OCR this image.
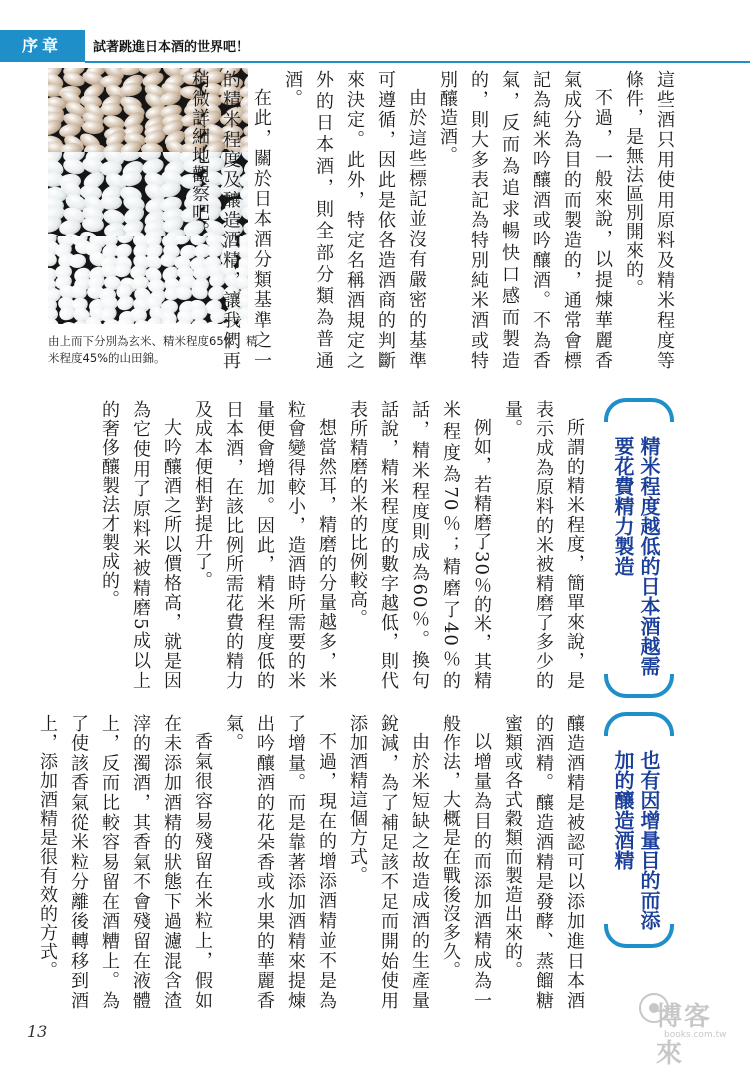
序章	試著跳進日本酒的世界吧！
由上而下分別為玄米、精米程度65%、精米程度45%的山田錦。	這些酒只用使用原料及精米程度等條件，是無法區別開來的。

不過，一般來說，以提煉華麗香氣成分為目的而製造的，通常會標記為純米吟釀酒或吟釀酒。不為香氣，反而為追求暢快口感而製造的，則大多表記為特別純米酒或特別釀造酒。

由於這些標記並沒有嚴密的基準可遵循，因此是依各造酒商的判斷來決定。此外，特定名稱酒規定之外的日本酒，則全部分類為普通酒。

在此，關於日本酒分類基準之一的精米程度及釀造酒精，讓我們再稍微詳細地觀察吧。

精米程度越低的日本酒越需要花費精力製造

所謂的精米程度，簡單來說，是表示成為原料的米被精磨了多少的量。

例如，若精磨了30％的米，其精米程度為70％；精磨了40％的話，精米程度則成為60％。換句話說，精米程度的數字越低，則代表所精磨的米的比例較高。

想當然耳，精磨的分量越多，米粒會變得較小，造酒時所需要的米量便會增加。因此，精米程度低的日本酒，在該比例所需花費的精力及成本便相對提升了。

大吟釀酒之所以價格高，就是因為它使用了原料米被精磨5成以上的奢侈釀製法才製成的。

也有因增量目的而添加的釀造酒精

釀造酒精是被認可以添加進日本酒的酒精。釀造酒精是發酵、蒸餾糖蜜類或各式穀類而製造出來的。

以增量為目的而添加酒精成為一般作法，大概是在戰後沒多久。

由於米短缺之故造成酒的生產量銳減，為了補足該不足而開始使用添加酒精這個方式。

不過，現在的增添酒精並不是為了增量。而是靠著添加酒精來提煉出吟釀酒的花朵香或水果的華麗香氣。

香氣很容易殘留在米粒上，假如在未添加酒精的狀態下過濾混含渣滓的濁酒，其香氣不會殘留在液體上，反而比較容易留在酒糟上。為了使該香氣從米粒分離後轉移到酒上，添加酒精是很有效的方式。

13	博客來
books.com.tw
